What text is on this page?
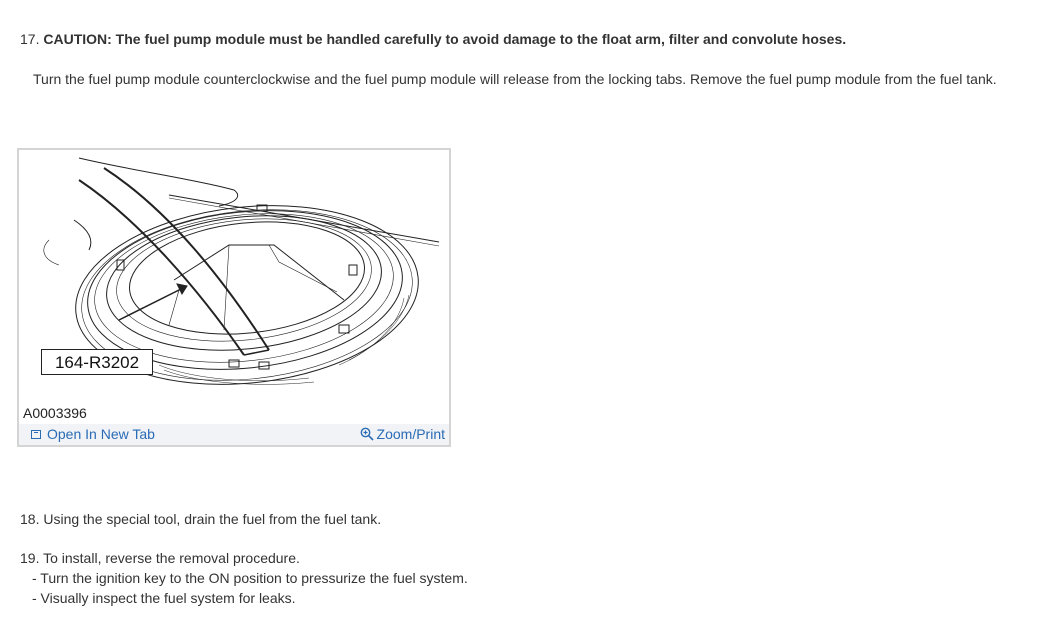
17. CAUTION: The fuel pump module must be handled carefully to avoid damage to the float arm, filter and convolute hoses.
Turn the fuel pump module counterclockwise and the fuel pump module will release from the locking tabs. Remove the fuel pump module from the fuel tank.
164-R3202
A0003396
Open In New Tab	Zoom/Print
18. Using the special tool, drain the fuel from the fuel tank.
19. To install, reverse the removal procedure.
- Turn the ignition key to the ON position to pressurize the fuel system.
- Visually inspect the fuel system for leaks.
